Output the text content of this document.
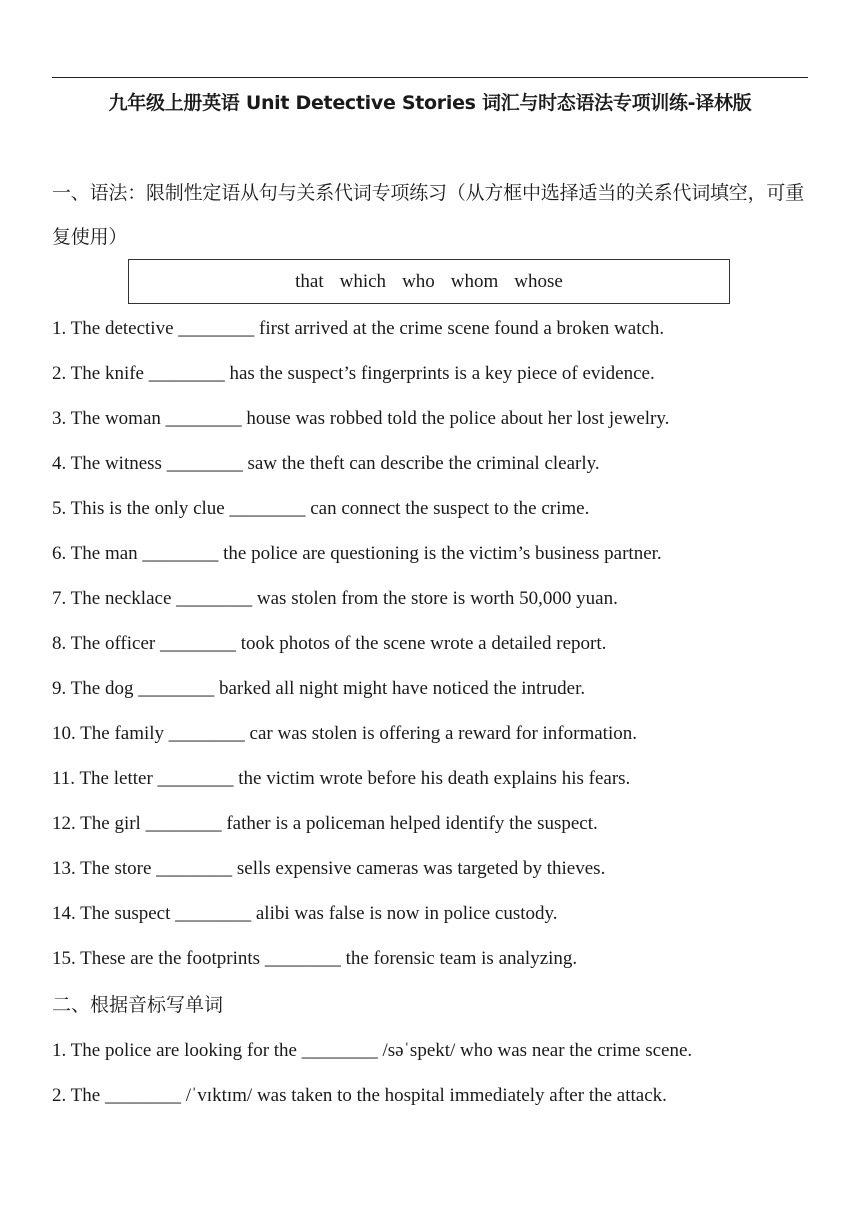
九年级上册英语 Unit Detective Stories 词汇与时态语法专项训练-译林版
一、语法：限制性定语从句与关系代词专项练习（从方框中选择适当的关系代词填空，可重复使用）
that which who whom whose
1. The detective ________ first arrived at the crime scene found a broken watch.
2. The knife ________ has the suspect’s fingerprints is a key piece of evidence.
3. The woman ________ house was robbed told the police about her lost jewelry.
4. The witness ________ saw the theft can describe the criminal clearly.
5. This is the only clue ________ can connect the suspect to the crime.
6. The man ________ the police are questioning is the victim’s business partner.
7. The necklace ________ was stolen from the store is worth 50,000 yuan.
8. The officer ________ took photos of the scene wrote a detailed report.
9. The dog ________ barked all night might have noticed the intruder.
10. The family ________ car was stolen is offering a reward for information.
11. The letter ________ the victim wrote before his death explains his fears.
12. The girl ________ father is a policeman helped identify the suspect.
13. The store ________ sells expensive cameras was targeted by thieves.
14. The suspect ________ alibi was false is now in police custody.
15. These are the footprints ________ the forensic team is analyzing.
二、根据音标写单词
1. The police are looking for the ________ /səˈspekt/ who was near the crime scene.
2. The ________ /ˈvɪktɪm/ was taken to the hospital immediately after the attack.
